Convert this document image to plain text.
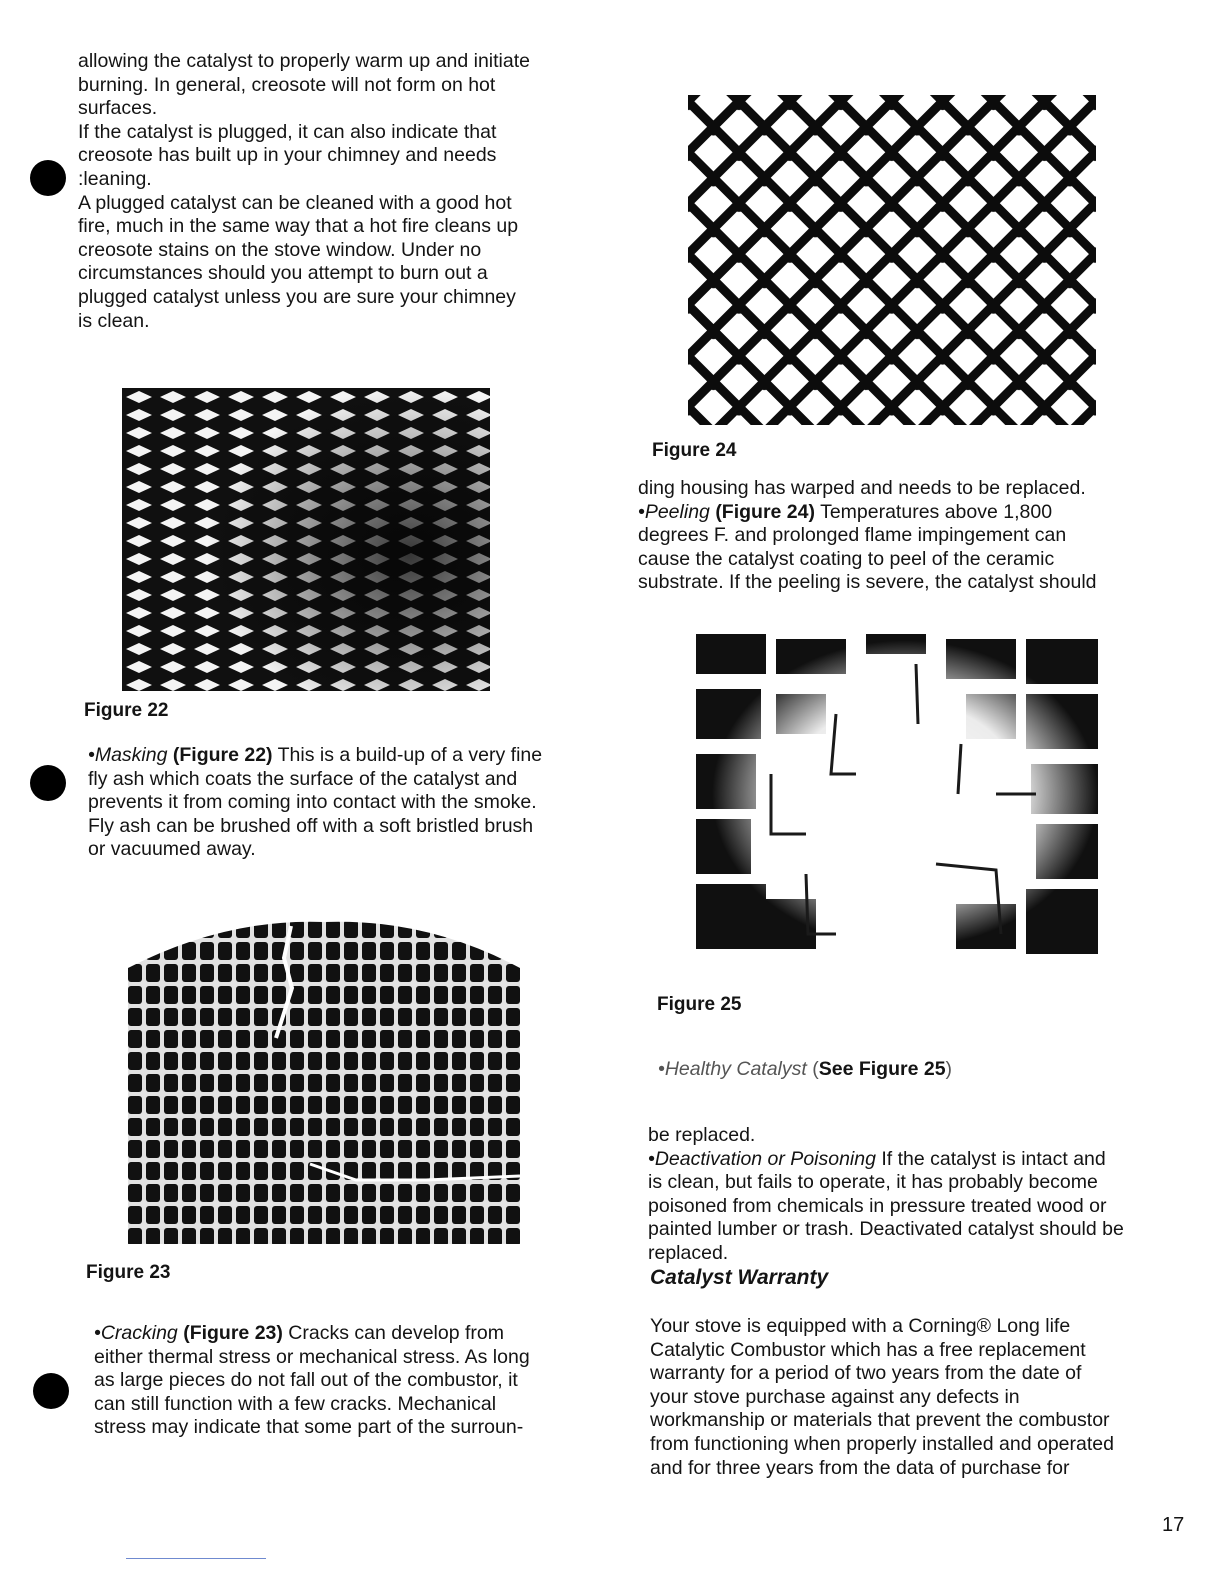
allowing the catalyst to properly warm up and initiate
burning. In general, creosote will not form on hot
surfaces.

If the catalyst is plugged, it can also indicate that
creosote has built up in your chimney and needs
:leaning.

A plugged catalyst can be cleaned with a good hot
fire, much in the same way that a hot fire cleans up
creosote stains on the stove window. Under no
circumstances should you attempt to burn out a
plugged catalyst unless you are sure your chimney
is clean.

Figure 22

•Masking (Figure 22) This is a build-up of a very fine
fly ash which coats the surface of the catalyst and
prevents it from coming into contact with the smoke.
Fly ash can be brushed off with a soft bristled brush
or vacuumed away.

Figure 23

•Cracking (Figure 23) Cracks can develop from
either thermal stress or mechanical stress. As long
as large pieces do not fall out of the combustor, it
can still function with a few cracks. Mechanical
stress may indicate that some part of the surroun-

Figure 24

ding housing has warped and needs to be replaced.
•Peeling (Figure 24) Temperatures above 1,800
degrees F. and prolonged flame impingement can
cause the catalyst coating to peel of the ceramic
substrate. If the peeling is severe, the catalyst should

Figure 25

•Healthy Catalyst (See Figure 25)
be replaced.
•Deactivation or Poisoning If the catalyst is intact and
is clean, but fails to operate, it has probably become
poisoned from chemicals in pressure treated wood or
painted lumber or trash. Deactivated catalyst should be
replaced.

Catalyst Warranty

Your stove is equipped with a Corning® Long life
Catalytic Combustor which has a free replacement
warranty for a period of two years from the date of
your stove purchase against any defects in
workmanship or materials that prevent the combustor
from functioning when properly installed and operated
and for three years from the data of purchase for
17
